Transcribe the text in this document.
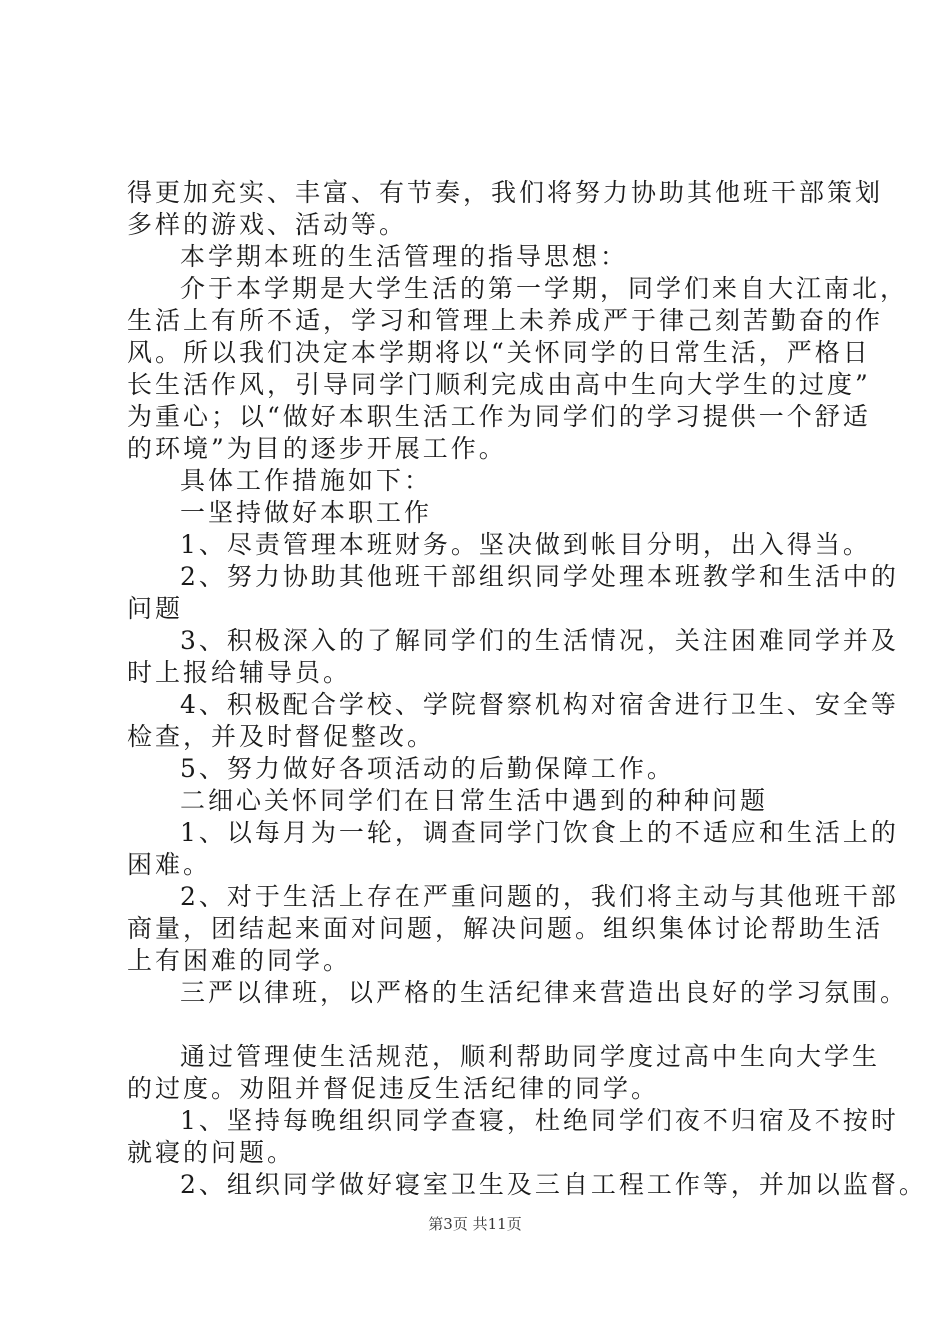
得更加充实、丰富、有节奏，我们将努力协助其他班干部策划
多样的游戏、活动等。
本学期本班的生活管理的指导思想：
介于本学期是大学生活的第一学期，同学们来自大江南北，
生活上有所不适，学习和管理上未养成严于律己刻苦勤奋的作
风。所以我们决定本学期将以“关怀同学的日常生活，严格日
长生活作风，引导同学门顺利完成由高中生向大学生的过度”
为重心；以“做好本职生活工作为同学们的学习提供一个舒适
的环境”为目的逐步开展工作。
具体工作措施如下：
一坚持做好本职工作
1、尽责管理本班财务。坚决做到帐目分明，出入得当。
2、努力协助其他班干部组织同学处理本班教学和生活中的
问题
3、积极深入的了解同学们的生活情况，关注困难同学并及
时上报给辅导员。
4、积极配合学校、学院督察机构对宿舍进行卫生、安全等
检查，并及时督促整改。
5、努力做好各项活动的后勤保障工作。
二细心关怀同学们在日常生活中遇到的种种问题
1、以每月为一轮，调查同学门饮食上的不适应和生活上的
困难。
2、对于生活上存在严重问题的，我们将主动与其他班干部
商量，团结起来面对问题，解决问题。组织集体讨论帮助生活
上有困难的同学。
三严以律班，以严格的生活纪律来营造出良好的学习氛围。
通过管理使生活规范，顺利帮助同学度过高中生向大学生
的过度。劝阻并督促违反生活纪律的同学。
1、坚持每晚组织同学查寝，杜绝同学们夜不归宿及不按时
就寝的问题。
2、组织同学做好寝室卫生及三自工程工作等，并加以监督。
第3页 共11页
